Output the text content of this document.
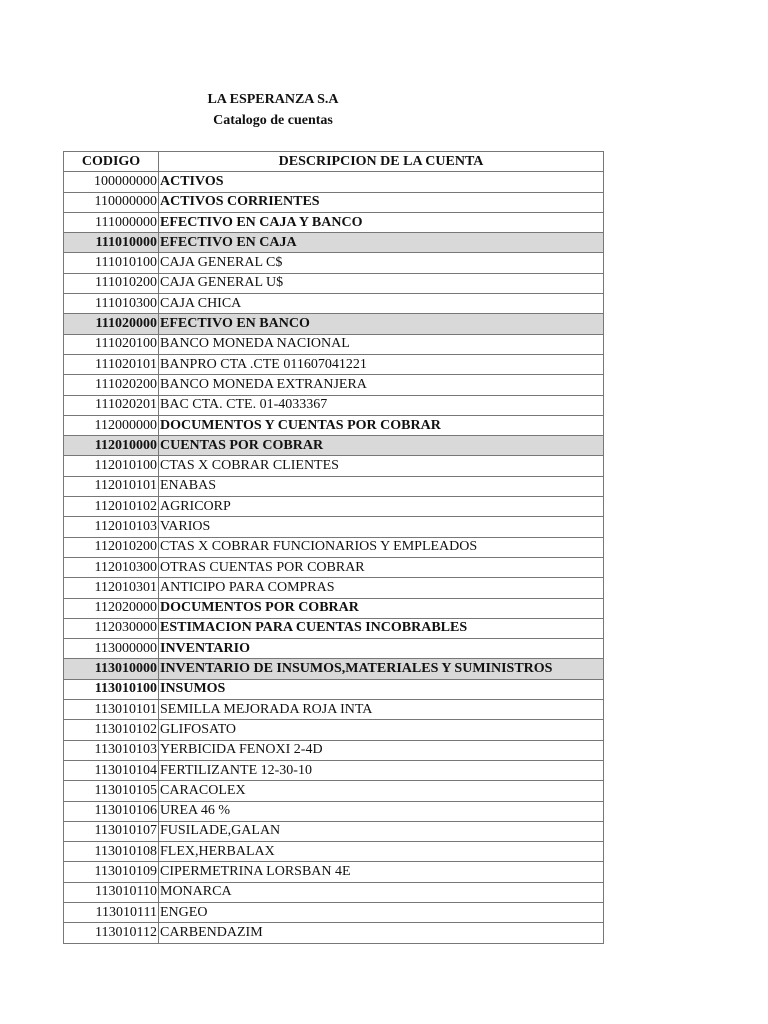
LA ESPERANZA S.A
Catalogo de cuentas
CODIGO	DESCRIPCION DE LA CUENTA
100000000	ACTIVOS
110000000	ACTIVOS CORRIENTES
111000000	EFECTIVO EN CAJA Y BANCO
111010000	EFECTIVO EN CAJA
111010100	CAJA GENERAL C$
111010200	CAJA GENERAL U$
111010300	CAJA CHICA
111020000	EFECTIVO EN BANCO
111020100	BANCO MONEDA NACIONAL
111020101	BANPRO CTA .CTE 011607041221
111020200	BANCO MONEDA EXTRANJERA
111020201	BAC CTA. CTE. 01-4033367
112000000	DOCUMENTOS Y CUENTAS POR COBRAR
112010000	CUENTAS POR COBRAR
112010100	CTAS X COBRAR CLIENTES
112010101	ENABAS
112010102	AGRICORP
112010103	VARIOS
112010200	CTAS X COBRAR FUNCIONARIOS Y EMPLEADOS
112010300	OTRAS CUENTAS POR COBRAR
112010301	ANTICIPO PARA COMPRAS
112020000	DOCUMENTOS POR COBRAR
112030000	ESTIMACION PARA CUENTAS INCOBRABLES
113000000	INVENTARIO
113010000	INVENTARIO DE INSUMOS,MATERIALES Y SUMINISTROS
113010100	INSUMOS
113010101	SEMILLA MEJORADA ROJA INTA
113010102	GLIFOSATO
113010103	YERBICIDA FENOXI 2-4D
113010104	FERTILIZANTE 12-30-10
113010105	CARACOLEX
113010106	UREA 46 %
113010107	FUSILADE,GALAN
113010108	FLEX,HERBALAX
113010109	CIPERMETRINA LORSBAN 4E
113010110	MONARCA
113010111	ENGEO
113010112	CARBENDAZIM
